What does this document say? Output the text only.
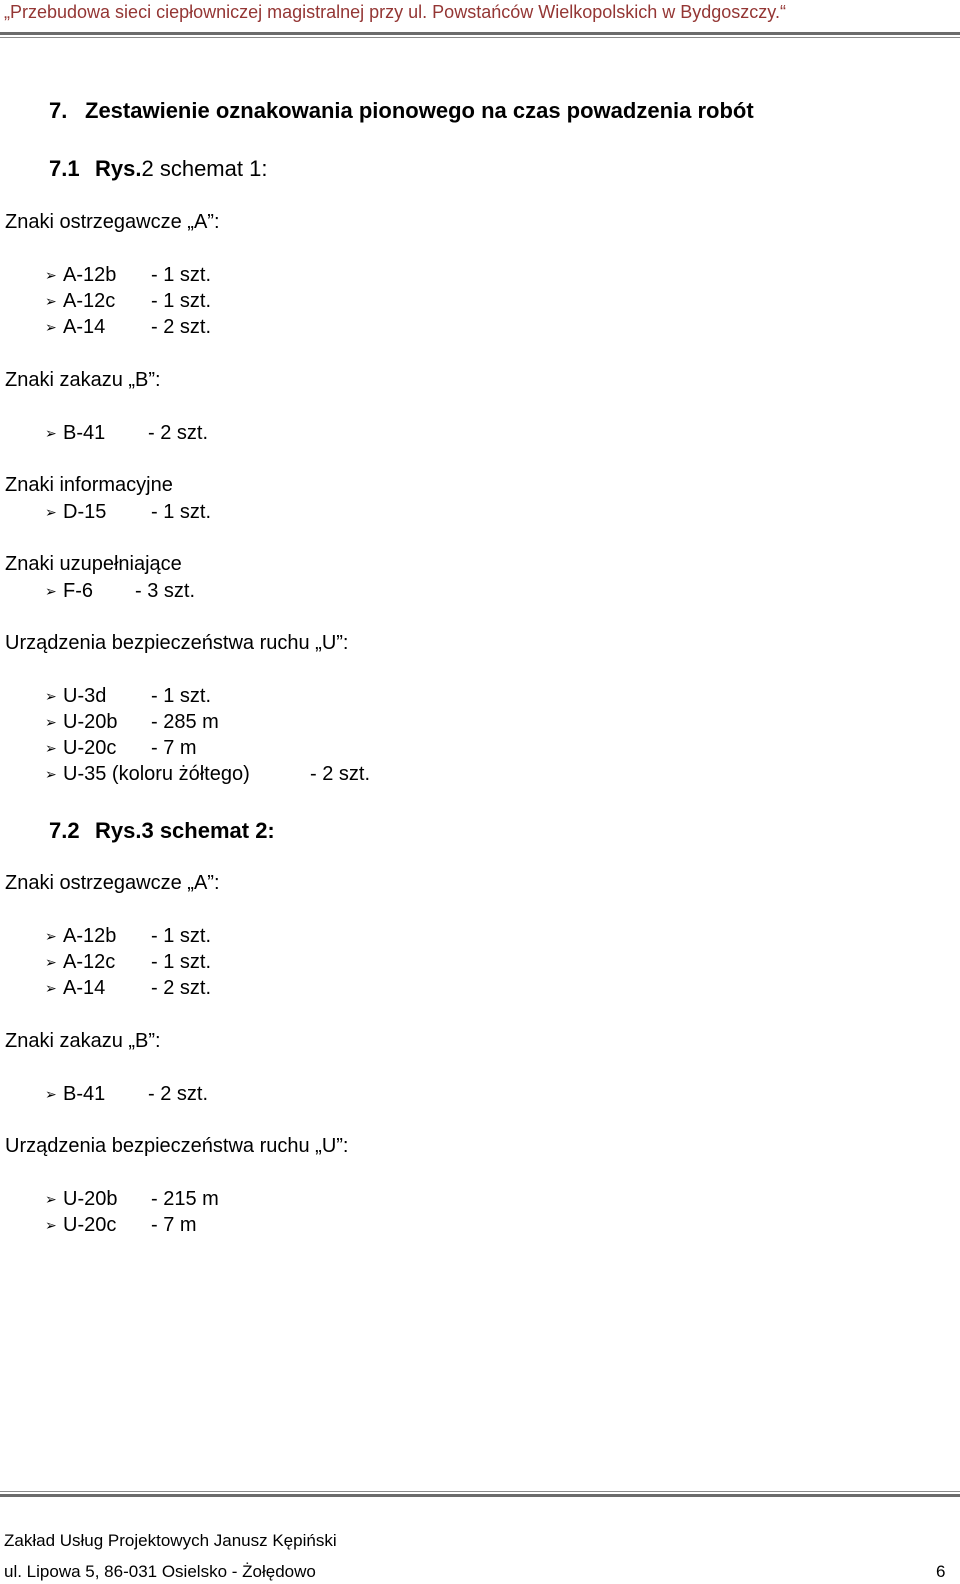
„Przebudowa sieci ciepłowniczej magistralnej przy ul. Powstańców Wielkopolskich w Bydgoszczy.“
7. Zestawienie oznakowania pionowego na czas powadzenia robót
7.1 Rys.2 schemat 1:
Znaki ostrzegawcze „A”:
➢ A-12b - 1 szt.
➢ A-12c - 1 szt.
➢ A-14 - 2 szt.
Znaki zakazu „B”:
➢ B-41 - 2 szt.
Znaki informacyjne
➢ D-15 - 1 szt.
Znaki uzupełniające
➢ F-6 - 3 szt.
Urządzenia bezpieczeństwa ruchu „U”:
➢ U-3d - 1 szt.
➢ U-20b - 285 m
➢ U-20c - 7 m
➢ U-35 (koloru żółtego)	- 2 szt.
7.2 Rys.3 schemat 2:
Znaki ostrzegawcze „A”:
➢ A-12b - 1 szt.
➢ A-12c - 1 szt.
➢ A-14 - 2 szt.
Znaki zakazu „B”:
➢ B-41 - 2 szt.
Urządzenia bezpieczeństwa ruchu „U”:
➢ U-20b - 215 m
➢ U-20c - 7 m
Zakład Usług Projektowych Janusz Kępiński
ul. Lipowa 5, 86-031 Osielsko - Żołędowo	6
